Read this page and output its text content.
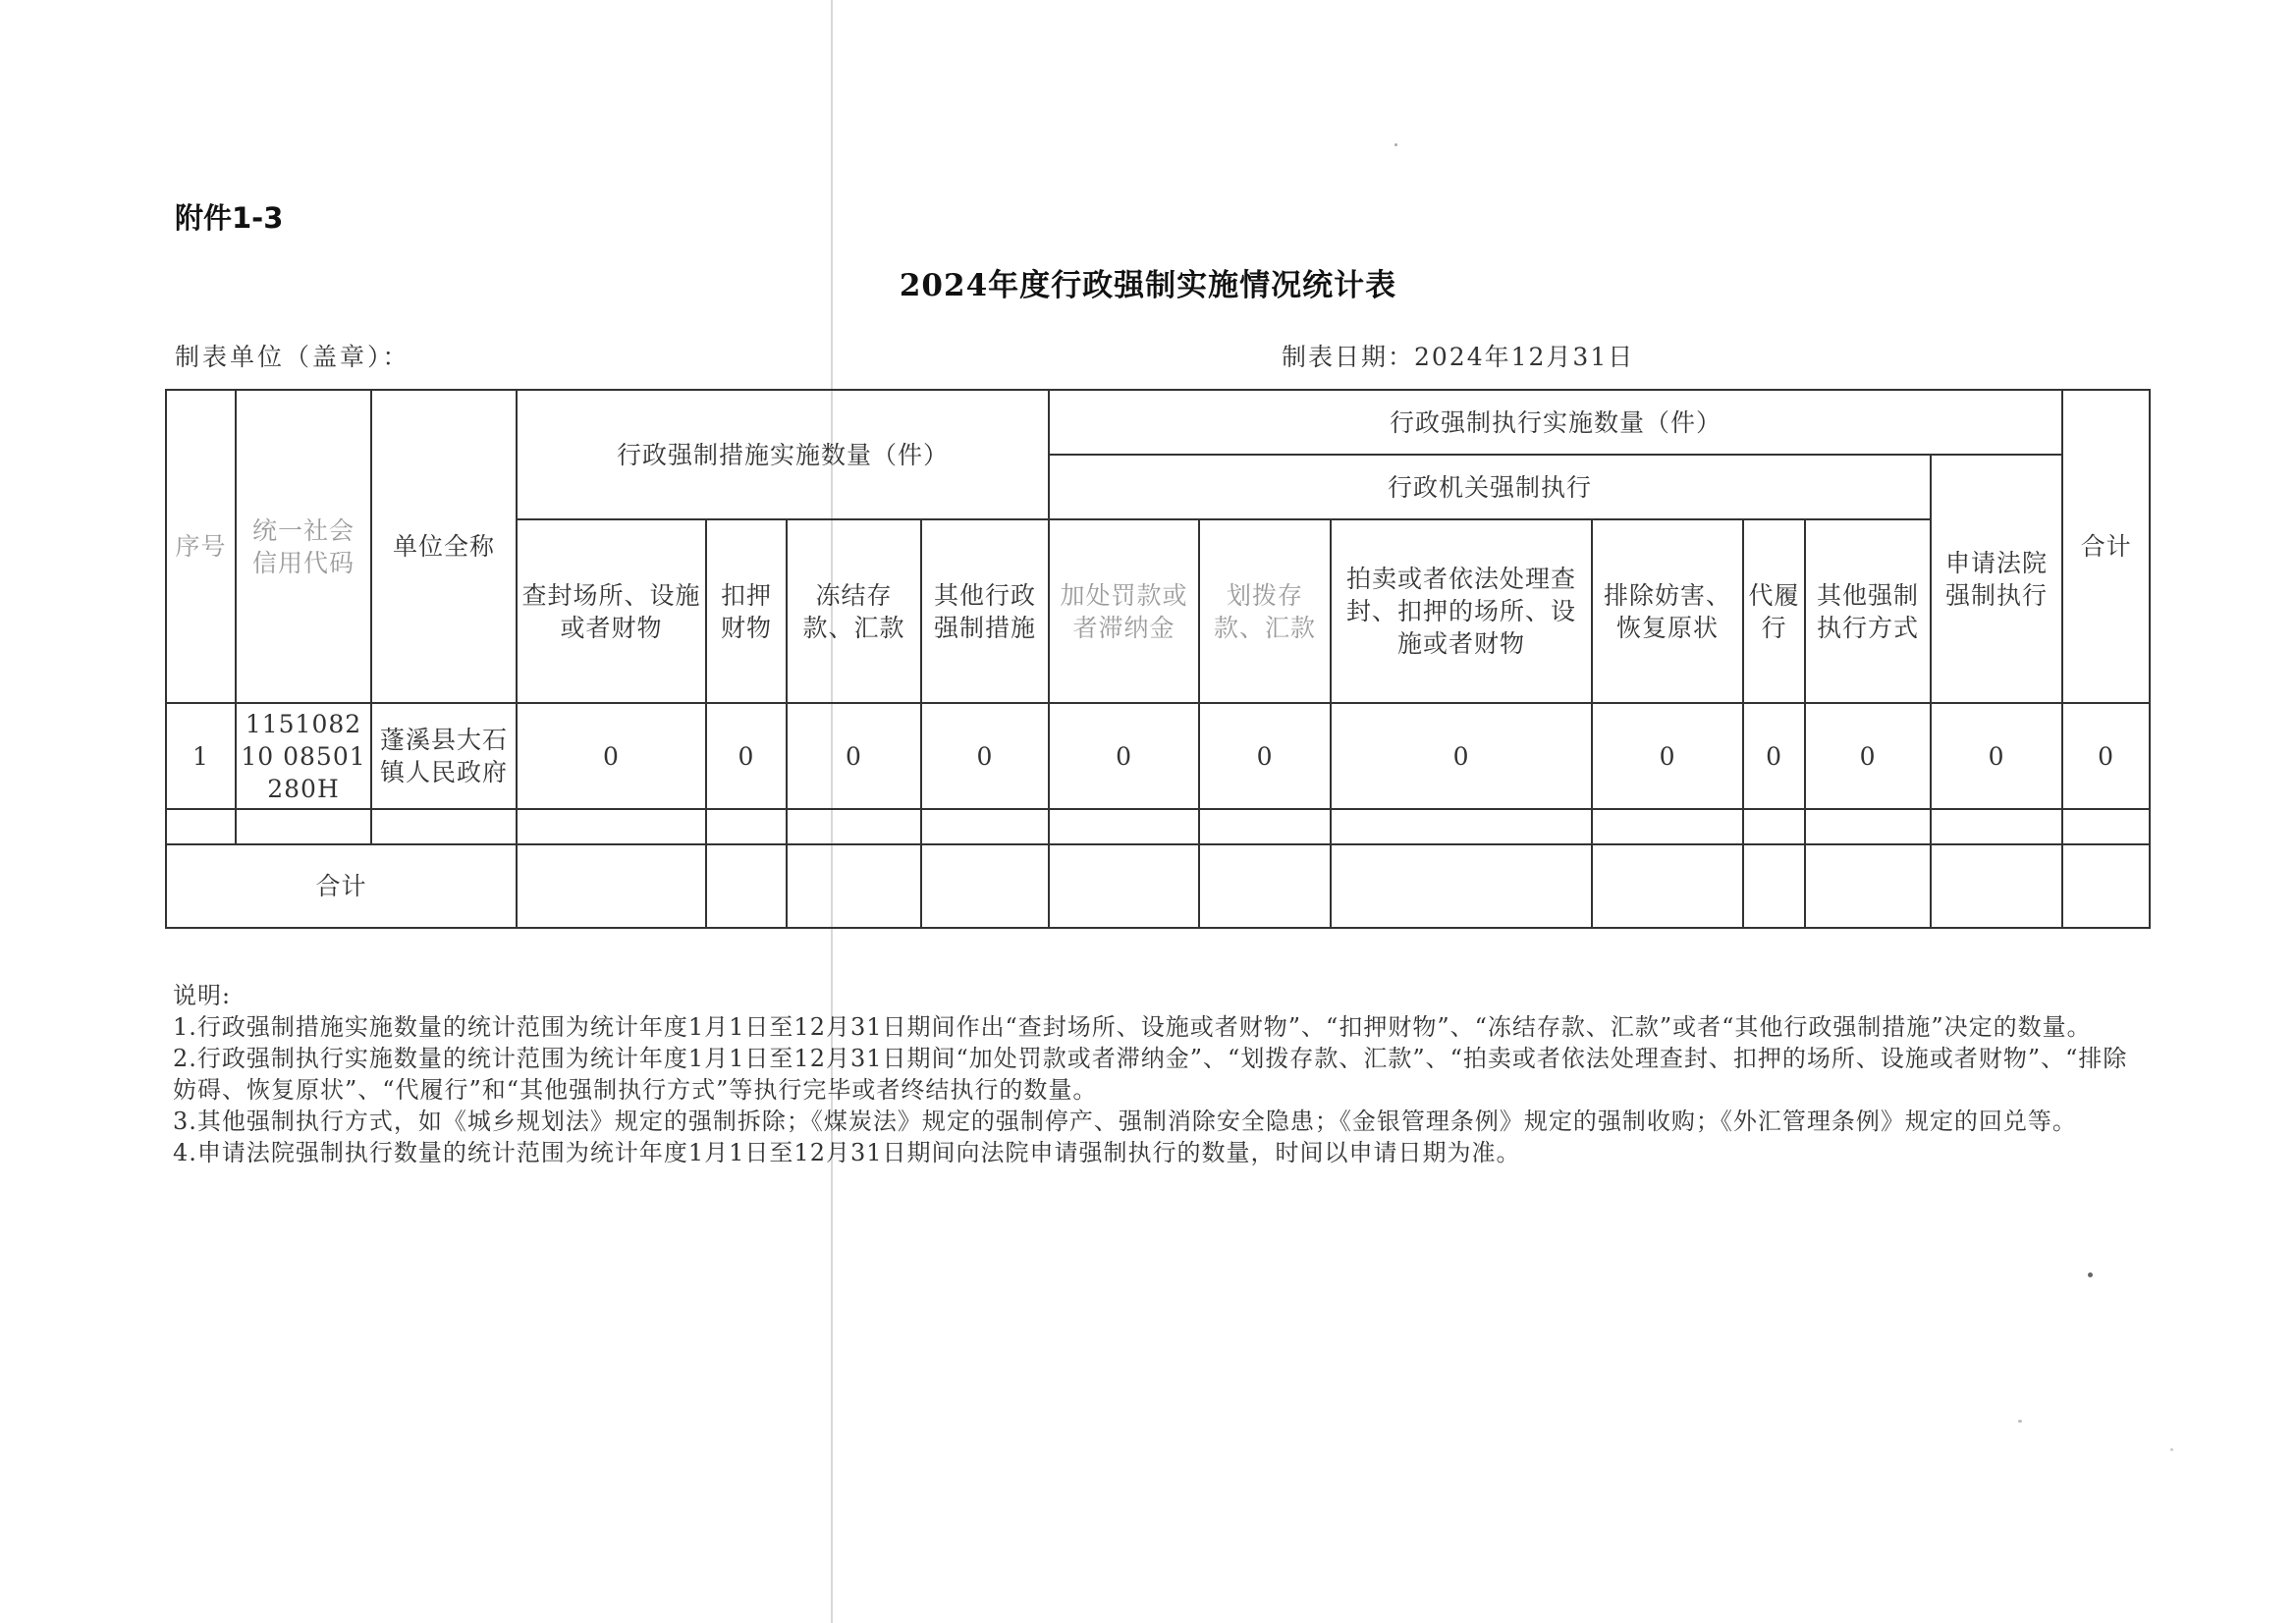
附件1-3
2024年度行政强制实施情况统计表
制表单位（盖章）：	制表日期：2024年12月31日
序号	统一社会信用代码	单位全称	行政强制措施实施数量（件）				行政强制执行实施数量（件）							合计
							行政机关强制执行						申请法院强制执行	
			查封场所、设施或者财物	扣押财物	冻结存款、汇款	其他行政强制措施	加处罚款或者滞纳金	划拨存款、汇款	拍卖或者依法处理查封、扣押的场所、设施或者财物	排除妨害、恢复原状	代履行	其他强制执行方式		
1	115108210 08501280H	蓬溪县大石镇人民政府	0	0	0	0	0	0	0	0	0	0	0	0

合计														
说明:
1.行政强制措施实施数量的统计范围为统计年度1月1日至12月31日期间作出“查封场所、设施或者财物”、“扣押财物”、“冻结存款、汇款”或者“其他行政强制措施”决定的数量。
2.行政强制执行实施数量的统计范围为统计年度1月1日至12月31日期间“加处罚款或者滞纳金”、“划拨存款、汇款”、“拍卖或者依法处理查封、扣押的场所、设施或者财物”、“排除妨碍、恢复原状”、“代履行”和“其他强制执行方式”等执行完毕或者终结执行的数量。
3.其他强制执行方式，如《城乡规划法》规定的强制拆除；《煤炭法》规定的强制停产、强制消除安全隐患；《金银管理条例》规定的强制收购；《外汇管理条例》规定的回兑等。
4.申请法院强制执行数量的统计范围为统计年度1月1日至12月31日期间向法院申请强制执行的数量，时间以申请日期为准。
